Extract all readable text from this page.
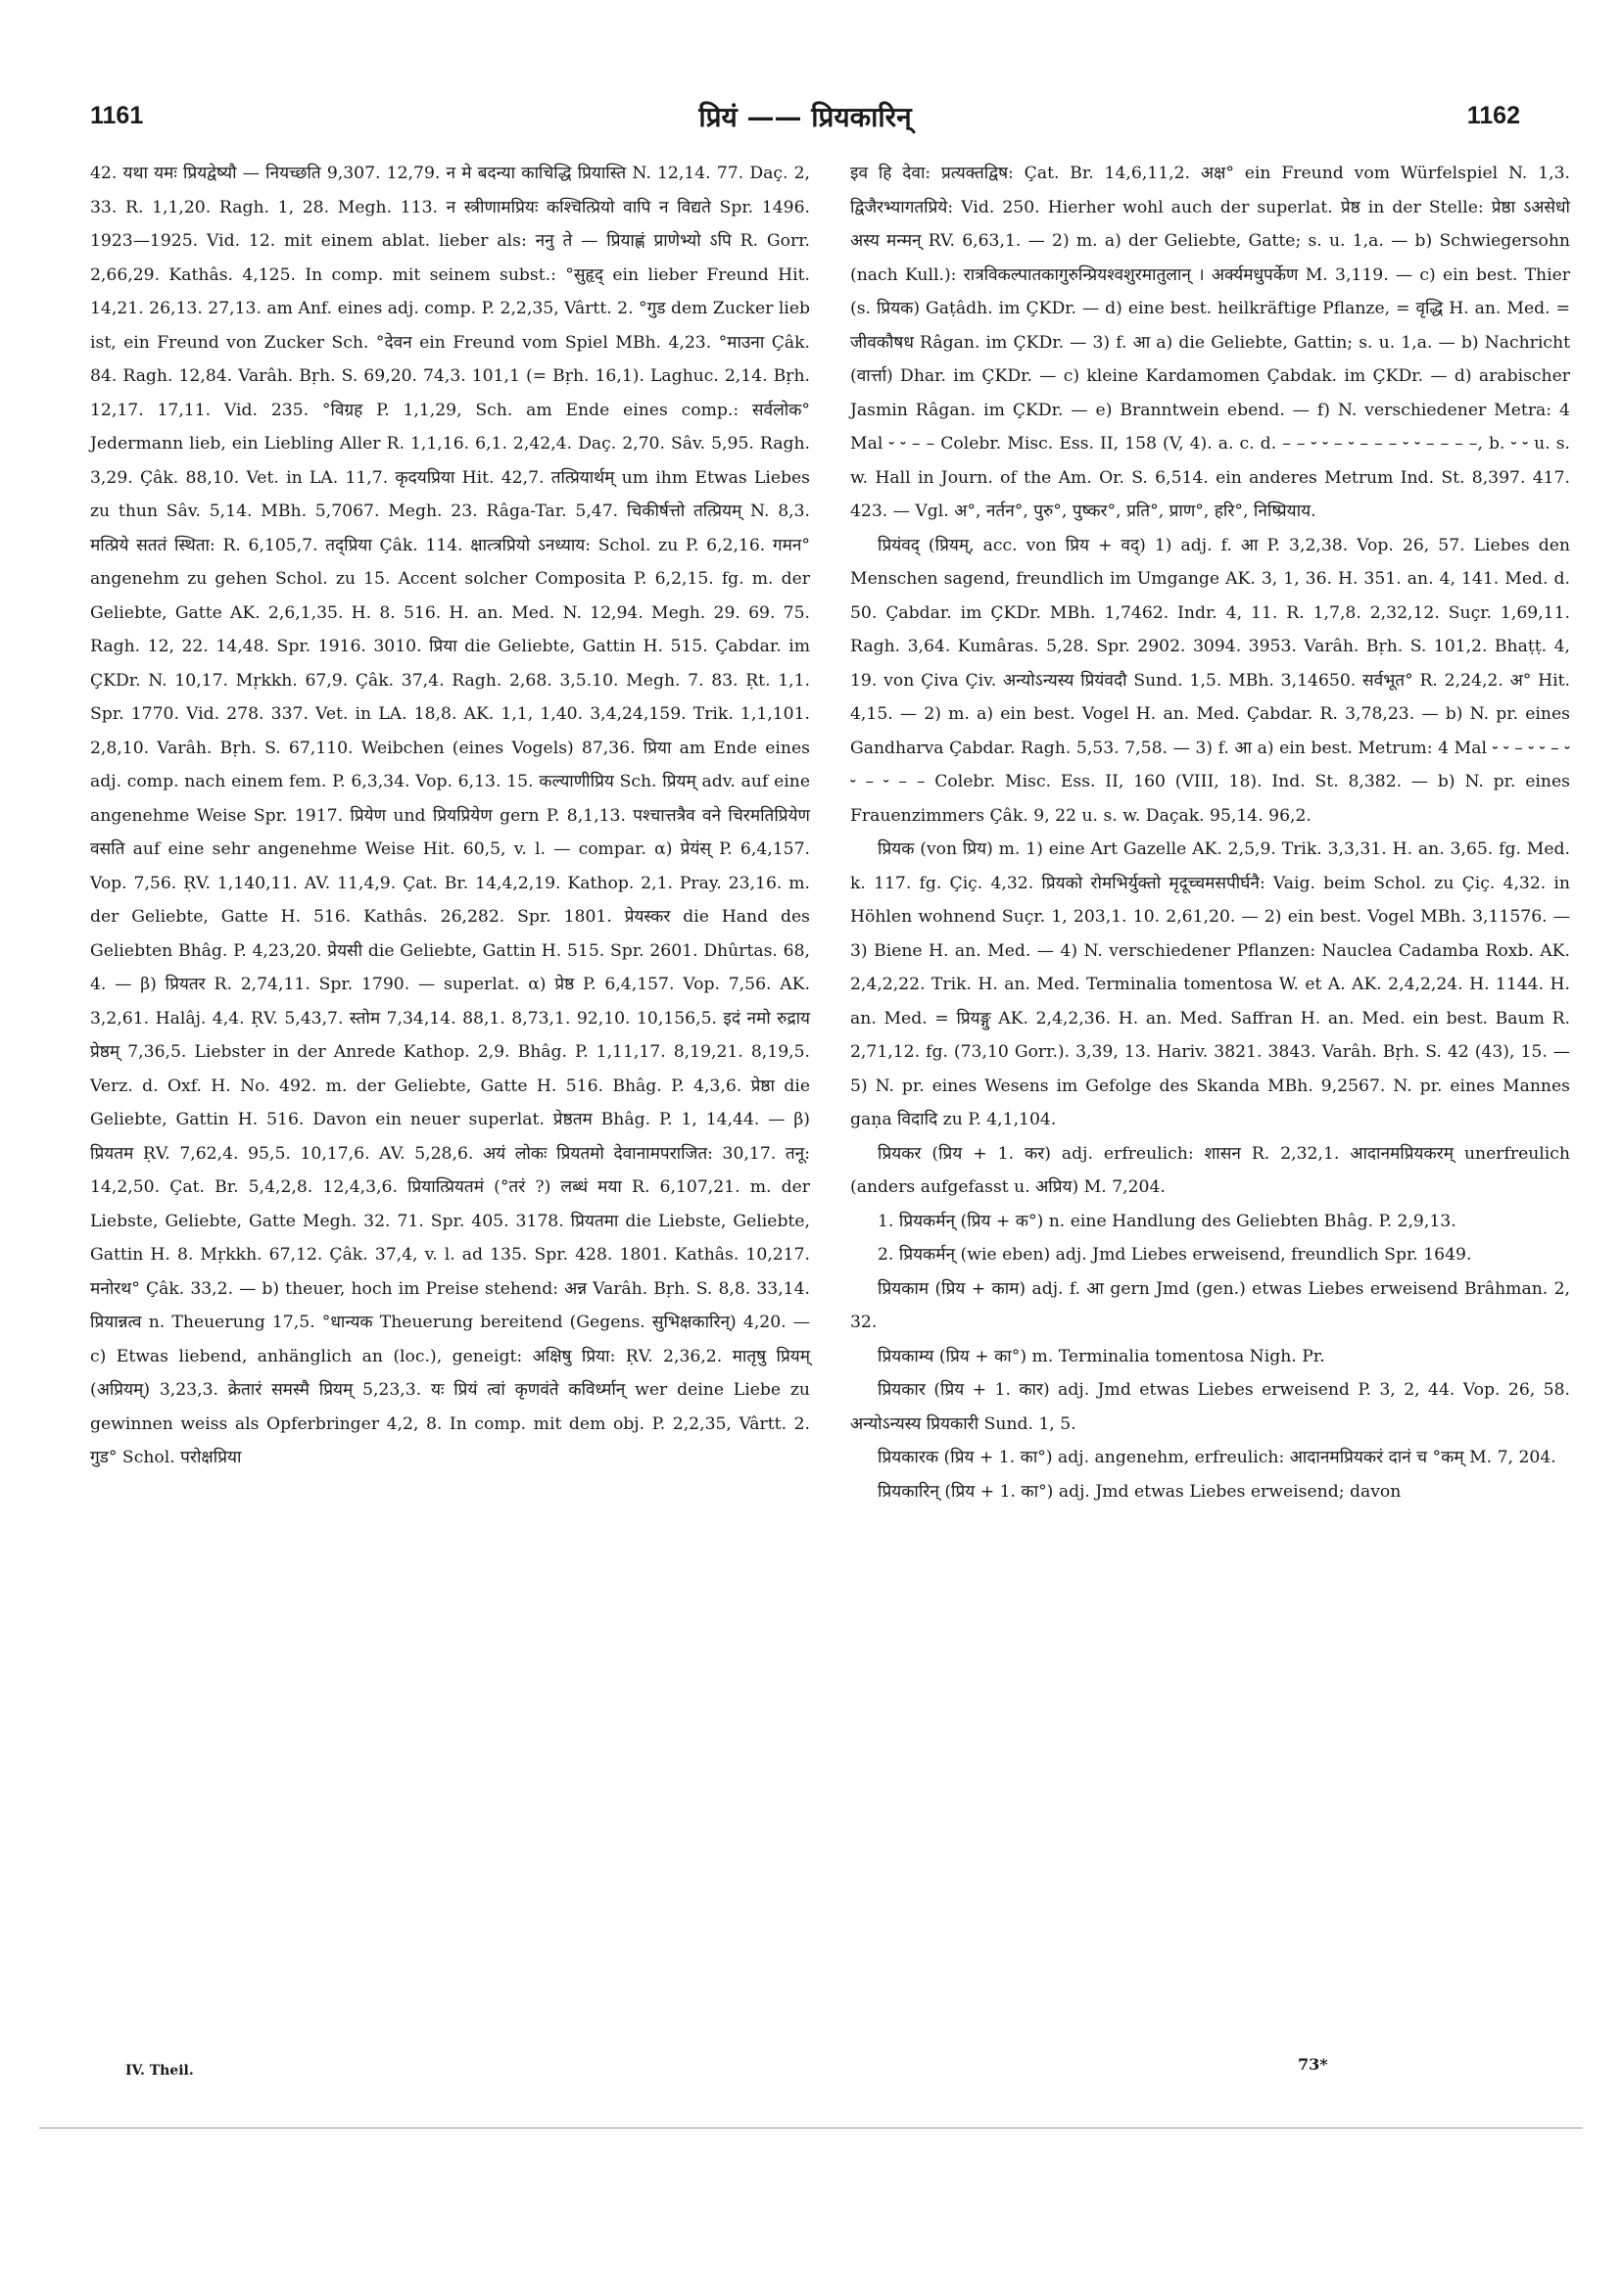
1161	प्रियं —— प्रियकारिन्	1162

42. यथा यमः प्रियद्वेष्यौ — नियच्छति 9,307. 12,79. न मे बदन्या काचिद्धि प्रियास्ति N. 12,14. 77. Daç. 2, 33. R. 1,1,20. Ragh. 1, 28. Megh. 113. न स्त्रीणामप्रियः कश्चित्प्रियो वापि न विद्यते Spr. 1496. 1923—1925. Vid. 12. mit einem ablat. lieber als: ननु ते — प्रियाह्णं प्राणेभ्यो ऽपि R. Gorr. 2,66,29. Kathâs. 4,125. In comp. mit seinem subst.: °सुहृद् ein lieber Freund Hit. 14,21. 26,13. 27,13. am Anf. eines adj. comp. P. 2,2,35, Vârtt. 2. °गुड dem Zucker lieb ist, ein Freund von Zucker Sch. °देवन ein Freund vom Spiel MBh. 4,23. °माउना Çâk. 84. Ragh. 12,84. Varâh. Bṛh. S. 69,20. 74,3. 101,1 (= Bṛh. 16,1). Laghuc. 2,14. Bṛh. 12,17. 17,11. Vid. 235. °विग्रह P. 1,1,29, Sch. am Ende eines comp.: सर्वलोक° Jedermann lieb, ein Liebling Aller R. 1,1,16. 6,1. 2,42,4. Daç. 2,70. Sâv. 5,95. Ragh. 3,29. Çâk. 88,10. Vet. in LA. 11,7. कृदयप्रिया Hit. 42,7. तत्प्रियार्थम् um ihm Etwas Liebes zu thun Sâv. 5,14. MBh. 5,7067. Megh. 23. Râga-Tar. 5,47. चिकीर्षत्तो तत्प्रियम् N. 8,3. मत्प्रिये सततं स्थिता: R. 6,105,7. तद्प्रिया Çâk. 114. क्षात्त्रप्रियो ऽनध्याय: Schol. zu P. 6,2,16. गमन° angenehm zu gehen Schol. zu 15. Accent solcher Composita P. 6,2,15. fg. m. der Geliebte, Gatte AK. 2,6,1,35. H. 8. 516. H. an. Med. N. 12,94. Megh. 29. 69. 75. Ragh. 12, 22. 14,48. Spr. 1916. 3010. प्रिया die Geliebte, Gattin H. 515. Çabdar. im ÇKDr. N. 10,17. Mṛkkh. 67,9. Çâk. 37,4. Ragh. 2,68. 3,5.10. Megh. 7. 83. Ṛt. 1,1. Spr. 1770. Vid. 278. 337. Vet. in LA. 18,8. AK. 1,1, 1,40. 3,4,24,159. Trik. 1,1,101. 2,8,10. Varâh. Bṛh. S. 67,110. Weibchen (eines Vogels) 87,36. प्रिया am Ende eines adj. comp. nach einem fem. P. 6,3,34. Vop. 6,13. 15. कल्याणीप्रिय Sch. प्रियम् adv. auf eine angenehme Weise Spr. 1917. प्रियेण und प्रियप्रियेण gern P. 8,1,13. पश्चात्तत्रैव वने चिरमतिप्रियेण वसति auf eine sehr angenehme Weise Hit. 60,5, v. l. — compar. α) प्रेयंस् P. 6,4,157. Vop. 7,56. ṚV. 1,140,11. AV. 11,4,9. Çat. Br. 14,4,2,19. Kathop. 2,1. Pray. 23,16. m. der Geliebte, Gatte H. 516. Kathâs. 26,282. Spr. 1801. प्रेयस्कर die Hand des Geliebten Bhâg. P. 4,23,20. प्रेयसी die Geliebte, Gattin H. 515. Spr. 2601. Dhûrtas. 68, 4. — β) प्रियतर R. 2,74,11. Spr. 1790. — superlat. α) प्रेष्ठ P. 6,4,157. Vop. 7,56. AK. 3,2,61. Halâj. 4,4. ṚV. 5,43,7. स्तोम 7,34,14. 88,1. 8,73,1. 92,10. 10,156,5. इदं नमो रुद्राय प्रेष्ठम् 7,36,5. Liebster in der Anrede Kathop. 2,9. Bhâg. P. 1,11,17. 8,19,21. 8,19,5. Verz. d. Oxf. H. No. 492. m. der Geliebte, Gatte H. 516. Bhâg. P. 4,3,6. प्रेष्ठा die Geliebte, Gattin H. 516. Davon ein neuer superlat. प्रेष्ठतम Bhâg. P. 1, 14,44. — β) प्रियतम ṚV. 7,62,4. 95,5. 10,17,6. AV. 5,28,6. अयं लोकः प्रियतमो देवानामपराजित: 30,17. तनू: 14,2,50. Çat. Br. 5,4,2,8. 12,4,3,6. प्रियात्प्रियतमं (°तरं ?) लब्धं मया R. 6,107,21. m. der Liebste, Geliebte, Gatte Megh. 32. 71. Spr. 405. 3178. प्रियतमा die Liebste, Geliebte, Gattin H. 8. Mṛkkh. 67,12. Çâk. 37,4, v. l. ad 135. Spr. 428. 1801. Kathâs. 10,217. मनोरथ° Çâk. 33,2. — b) theuer, hoch im Preise stehend: अन्न Varâh. Bṛh. S. 8,8. 33,14. प्रियान्नत्व n. Theuerung 17,5. °धान्यक Theuerung bereitend (Gegens. सुभिक्षकारिन्) 4,20. — c) Etwas liebend, anhänglich an (loc.), geneigt: अक्षिषु प्रिया: ṚV. 2,36,2. मातृषु प्रियम् (अप्रियम्) 3,23,3. क्रेतारं समस्मै प्रियम् 5,23,3. यः प्रियं त्वां कृणवंते कविर्ध्मान् wer deine Liebe zu gewinnen weiss als Opferbringer 4,2, 8. In comp. mit dem obj. P. 2,2,35, Vârtt. 2. गुड° Schol. परोक्षप्रिया

इव हि देवा: प्रत्यक्तद्विष: Çat. Br. 14,6,11,2. अक्ष° ein Freund vom Würfelspiel N. 1,3. द्विजैरभ्यागतप्रिये: Vid. 250. Hierher wohl auch der superlat. प्रेष्ठ in der Stelle: प्रेष्ठा ऽअसेधो अस्य मन्मन् RV. 6,63,1. — 2) m. a) der Geliebte, Gatte; s. u. 1,a. — b) Schwiegersohn (nach Kull.): रात्रविकल्पातकागुरुन्प्रियश्वशुरमातुलान् । अर्क्यमधुपर्केण M. 3,119. — c) ein best. Thier (s. प्रियक) Gaṭâdh. im ÇKDr. — d) eine best. heilkräftige Pflanze, = वृद्धि H. an. Med. = जीवकौषध Râgan. im ÇKDr. — 3) f. आ a) die Geliebte, Gattin; s. u. 1,a. — b) Nachricht (वार्त्ता) Dhar. im ÇKDr. — c) kleine Kardamomen Çabdak. im ÇKDr. — d) arabischer Jasmin Râgan. im ÇKDr. — e) Branntwein ebend. — f) N. verschiedener Metra: 4 Mal ⏑ ⏑ – – Colebr. Misc. Ess. II, 158 (V, 4). a. c. d. – – ⏑ ⏑ – ⏑ – – – ⏑ ⏑ – – – –, b. ⏑ ⏑ u. s. w. Hall in Journ. of the Am. Or. S. 6,514. ein anderes Metrum Ind. St. 8,397. 417. 423. — Vgl. अ°, नर्तन°, पुरु°, पुष्कर°, प्रति°, प्राण°, हरि°, निष्प्रियाय.

प्रियंवद् (प्रियम्, acc. von प्रिय + वद्) 1) adj. f. आ P. 3,2,38. Vop. 26, 57. Liebes den Menschen sagend, freundlich im Umgange AK. 3, 1, 36. H. 351. an. 4, 141. Med. d. 50. Çabdar. im ÇKDr. MBh. 1,7462. Indr. 4, 11. R. 1,7,8. 2,32,12. Suçr. 1,69,11. Ragh. 3,64. Kumâras. 5,28. Spr. 2902. 3094. 3953. Varâh. Bṛh. S. 101,2. Bhaṭṭ. 4, 19. von Çiva Çiv. अन्योऽन्यस्य प्रियंवदौ Sund. 1,5. MBh. 3,14650. सर्वभूत° R. 2,24,2. अ° Hit. 4,15. — 2) m. a) ein best. Vogel H. an. Med. Çabdar. R. 3,78,23. — b) N. pr. eines Gandharva Çabdar. Ragh. 5,53. 7,58. — 3) f. आ a) ein best. Metrum: 4 Mal ⏑ ⏑ – ⏑ ⏑ – ⏑ ⏑ – ⏑ – – Colebr. Misc. Ess. II, 160 (VIII, 18). Ind. St. 8,382. — b) N. pr. eines Frauenzimmers Çâk. 9, 22 u. s. w. Daçak. 95,14. 96,2.

प्रियक (von प्रिय) m. 1) eine Art Gazelle AK. 2,5,9. Trik. 3,3,31. H. an. 3,65. fg. Med. k. 117. fg. Çiç. 4,32. प्रियको रोमभिर्युक्तो मृदूच्चमसपीर्घनै: Vaig. beim Schol. zu Çiç. 4,32. in Höhlen wohnend Suçr. 1, 203,1. 10. 2,61,20. — 2) ein best. Vogel MBh. 3,11576. — 3) Biene H. an. Med. — 4) N. verschiedener Pflanzen: Nauclea Cadamba Roxb. AK. 2,4,2,22. Trik. H. an. Med. Terminalia tomentosa W. et A. AK. 2,4,2,24. H. 1144. H. an. Med. = प्रियङ्गु AK. 2,4,2,36. H. an. Med. Saffran H. an. Med. ein best. Baum R. 2,71,12. fg. (73,10 Gorr.). 3,39, 13. Hariv. 3821. 3843. Varâh. Bṛh. S. 42 (43), 15. — 5) N. pr. eines Wesens im Gefolge des Skanda MBh. 9,2567. N. pr. eines Mannes gaṇa विदादि zu P. 4,1,104.

प्रियकर (प्रिय + 1. कर) adj. erfreulich: शासन R. 2,32,1. आदानमप्रियकरम् unerfreulich (anders aufgefasst u. अप्रिय) M. 7,204.

1. प्रियकर्मन् (प्रिय + क°) n. eine Handlung des Geliebten Bhâg. P. 2,9,13.

2. प्रियकर्मन् (wie eben) adj. Jmd Liebes erweisend, freundlich Spr. 1649.

प्रियकाम (प्रिय + काम) adj. f. आ gern Jmd (gen.) etwas Liebes erweisend Brâhman. 2, 32.

प्रियकाम्य (प्रिय + का°) m. Terminalia tomentosa Nigh. Pr.

प्रियकार (प्रिय + 1. कार) adj. Jmd etwas Liebes erweisend P. 3, 2, 44. Vop. 26, 58. अन्योऽन्यस्य प्रियकारी Sund. 1, 5.

प्रियकारक (प्रिय + 1. का°) adj. angenehm, erfreulich: आदानमप्रियकरं दानं च °कम् M. 7, 204.

प्रियकारिन् (प्रिय + 1. का°) adj. Jmd etwas Liebes erweisend; davon

IV. Theil.	73*
